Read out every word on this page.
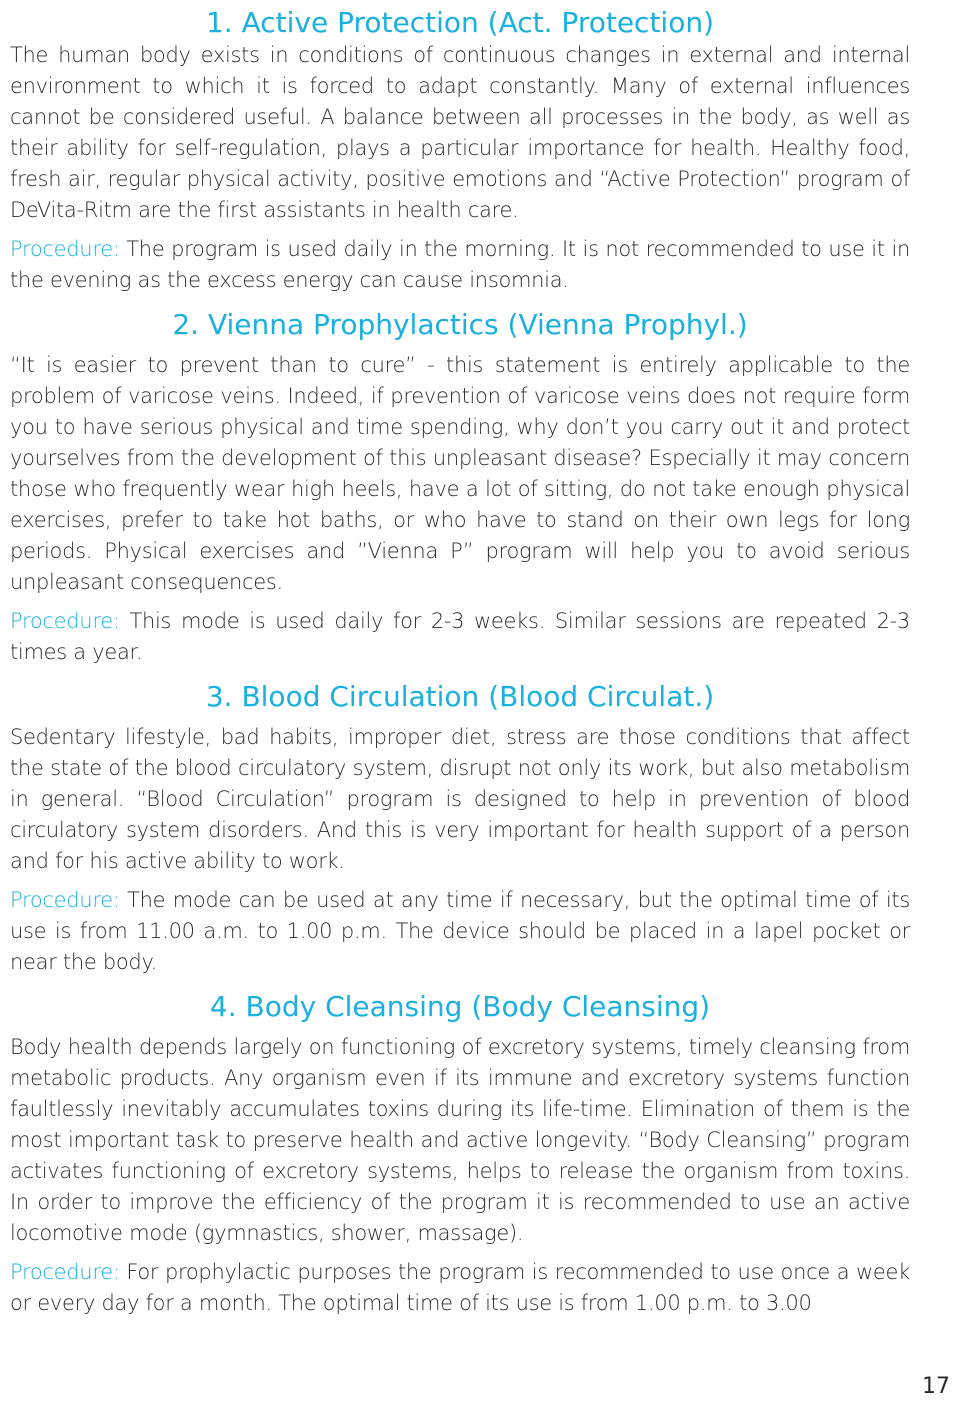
1. Active Protection (Act. Protection)

The human body exists in conditions of continuous changes in external and internal environment to which it is forced to adapt constantly. Many of external influences cannot be considered useful. A balance between all processes in the body, as well as their ability for self-regulation, plays a particular importance for health. Healthy food, fresh air, regular physical activity, positive emotions and “Active Protection” program of DeVita-Ritm are the first assistants in health care.

Procedure: The program is used daily in the morning. It is not recommended to use it in the evening as the excess energy can cause insomnia.

2. Vienna Prophylactics (Vienna Prophyl.)

“It is easier to prevent than to cure” - this statement is entirely applicable to the problem of varicose veins. Indeed, if prevention of varicose veins does not require form you to have serious physical and time spending, why don’t you carry out it and protect yourselves from the development of this unpleasant disease? Especially it may concern those who frequently wear high heels, have a lot of sitting, do not take enough physical exercises, prefer to take hot baths, or who have to stand on their own legs for long periods. Physical exercises and ”Vienna P” program will help you to avoid serious unpleasant consequences.

Procedure: This mode is used daily for 2-3 weeks. Similar sessions are repeated 2-3 times a year.

3. Blood Circulation (Blood Circulat.)

Sedentary lifestyle, bad habits, improper diet, stress are those conditions that affect the state of the blood circulatory system, disrupt not only its work, but also metabolism in general. “Blood Circulation” program is designed to help in prevention of blood circulatory system disorders. And this is very important for health support of a person and for his active ability to work.

Procedure: The mode can be used at any time if necessary, but the optimal time of its use is from 11.00 a.m. to 1.00 p.m. The device should be placed in a lapel pocket or near the body.

4. Body Cleansing (Body Cleansing)

Body health depends largely on functioning of excretory systems, timely cleansing from metabolic products. Any organism even if its immune and excretory systems function faultlessly inevitably accumulates toxins during its life-time. Elimination of them is the most important task to preserve health and active longevity. “Body Cleansing” program activates functioning of excretory systems, helps to release the organism from toxins. In order to improve the efficiency of the program it is recommended to use an active locomotive mode (gymnastics, shower, massage).

Procedure: For prophylactic purposes the program is recommended to use once a week or every day for a month. The optimal time of its use is from 1.00 p.m. to 3.00

17
